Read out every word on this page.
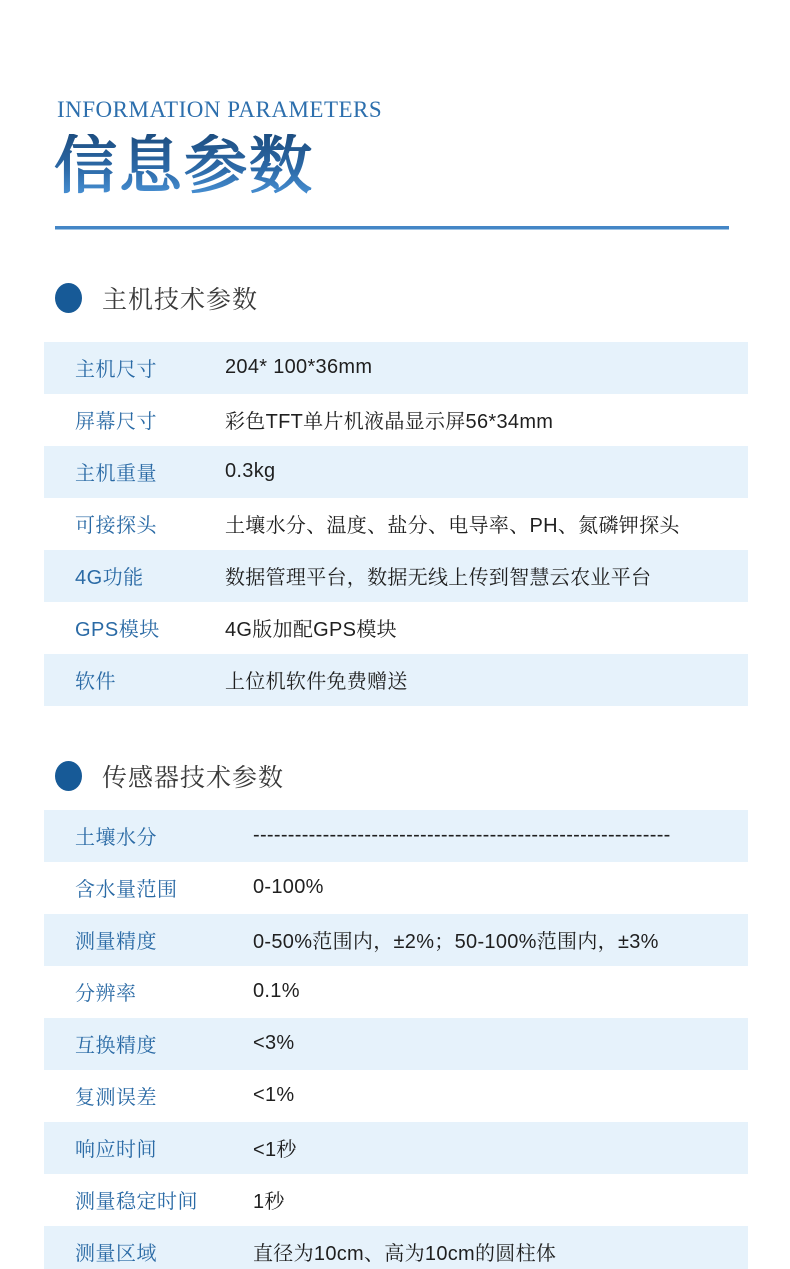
INFORMATION PARAMETERS
信息参数
主机技术参数
主机尺寸	204* 100*36mm
屏幕尺寸	彩色TFT单片机液晶显示屏56*34mm
主机重量	0.3kg
可接探头	土壤水分、温度、盐分、电导率、PH、氮磷钾探头
4G功能	数据管理平台，数据无线上传到智慧云农业平台
GPS模块	4G版加配GPS模块
软件	上位机软件免费赠送
传感器技术参数
土壤水分	------------------------------------------------------------
含水量范围	0-100%
测量精度	0-50%范围内，±2%；50-100%范围内，±3%
分辨率	0.1%
互换精度	<3%
复测误差	<1%
响应时间	<1秒
测量稳定时间	1秒
测量区域	直径为10cm、高为10cm的圆柱体
